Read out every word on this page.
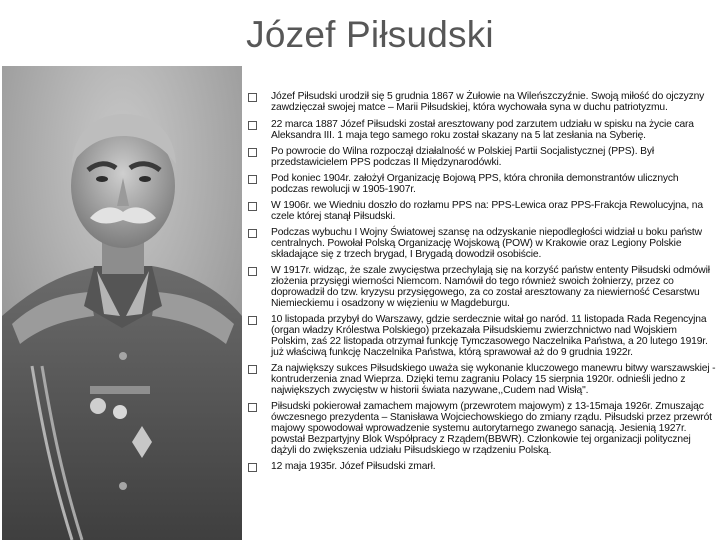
Józef Piłsudski
Józef Piłsudski urodził się 5 grudnia 1867 w Żułowie na Wileńszczyźnie. Swoją miłość do ojczyzny zawdzięczał swojej matce – Marii Piłsudskiej, która wychowała syna w duchu patriotyzmu.
22 marca 1887 Józef Piłsudski został aresztowany pod zarzutem udziału w spisku na życie cara Aleksandra III. 1 maja tego samego roku został skazany na 5 lat zesłania na Syberię.
Po powrocie do Wilna rozpoczął działalność w Polskiej Partii Socjalistycznej (PPS). Był przedstawicielem PPS podczas II Międzynarodówki.
Pod koniec 1904r. założył Organizację Bojową PPS, która chroniła demonstrantów ulicznych podczas rewolucji w 1905-1907r.
W 1906r. we Wiedniu doszło do rozłamu PPS na: PPS-Lewica oraz PPS-Frakcja Rewolucyjna, na czele której stanął Piłsudski.
Podczas wybuchu I Wojny Światowej szansę na odzyskanie niepodległości widział u boku państw centralnych. Powołał Polską Organizację Wojskową (POW) w Krakowie oraz Legiony Polskie składające się z trzech brygad, I Brygadą dowodził osobiście.
W 1917r. widząc, że szale zwycięstwa przechylają się na korzyść państw ententy Piłsudski odmówił złożenia przysięgi wierności Niemcom. Namówił do tego również swoich żołnierzy, przez co doprowadził do tzw. kryzysu przysięgowego, za co został aresztowany za niewierność Cesarstwu Niemieckiemu i osadzony w więzieniu w Magdeburgu.
10 listopada przybył do Warszawy, gdzie serdecznie witał go naród. 11 listopada Rada Regencyjna (organ władzy Królestwa Polskiego) przekazała Piłsudskiemu zwierzchnictwo nad Wojskiem Polskim, zaś 22 listopada otrzymał funkcję Tymczasowego Naczelnika Państwa, a 20 lutego 1919r. już właściwą funkcję Naczelnika Państwa, którą sprawował aż do 9 grudnia 1922r.
Za największy sukces Piłsudskiego uważa się wykonanie kluczowego manewru bitwy warszawskiej - kontruderzenia znad Wieprza. Dzięki temu zagraniu Polacy 15 sierpnia 1920r. odnieśli jedno z największych zwycięstw w historii świata nazywane,,Cudem nad Wisłą".
Piłsudski pokierował zamachem majowym (przewrotem majowym) z 13-15maja 1926r. Zmuszając ówczesnego prezydenta – Stanisława Wojciechowskiego do zmiany rządu. Piłsudski przez przewrót majowy spowodował wprowadzenie systemu autorytarnego zwanego sanacją. Jesienią 1927r. powstał Bezpartyjny Blok Współpracy z Rządem(BBWR). Członkowie tej organizacji politycznej dążyli do zwiększenia udziału Piłsudskiego w rządzeniu Polską.
12 maja 1935r. Józef Piłsudski zmarł.
